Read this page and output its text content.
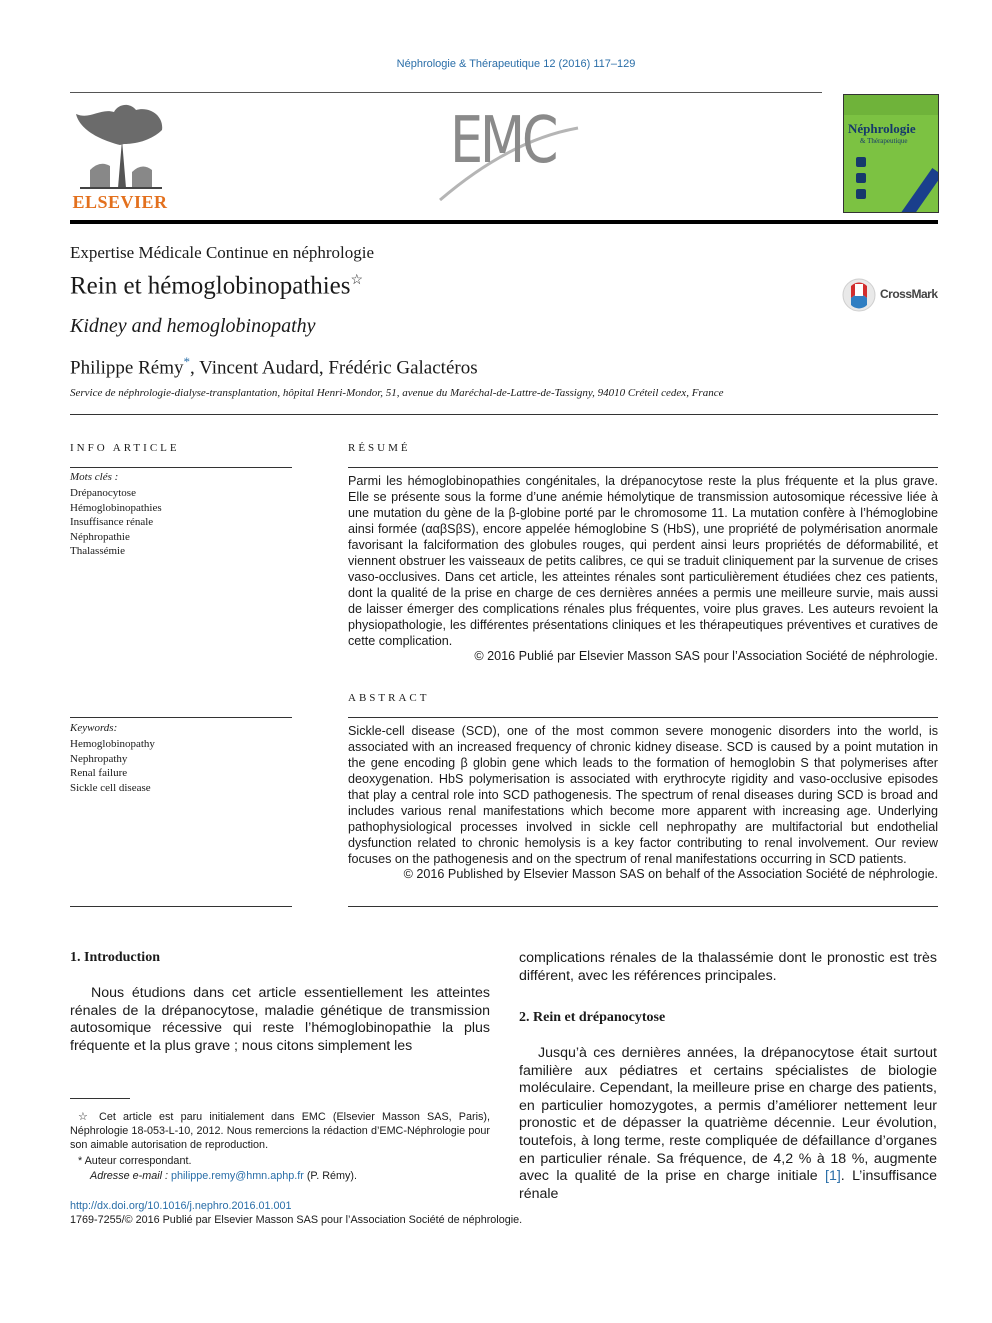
Néphrologie & Thérapeutique 12 (2016) 117–129
ELSEVIER
EMC	Néphrologie
& Thérapeutique
Expertise Médicale Continue en néphrologie
Rein et hémoglobinopathies☆
CrossMark
Kidney and hemoglobinopathy
Philippe Rémy*, Vincent Audard, Frédéric Galactéros
Service de néphrologie-dialyse-transplantation, hôpital Henri-Mondor, 51, avenue du Maréchal-de-Lattre-de-Tassigny, 94010 Créteil cedex, France
INFO ARTICLE
Mots clés :
Drépanocytose
Hémoglobinopathies
Insuffisance rénale
Néphropathie
Thalassémie
Keywords:
Hemoglobinopathy
Nephropathy
Renal failure
Sickle cell disease
RÉSUMÉ
Parmi les hémoglobinopathies congénitales, la drépanocytose reste la plus fréquente et la plus grave. Elle se présente sous la forme d’une anémie hémolytique de transmission autosomique récessive liée à une mutation du gène de la β-globine porté par le chromosome 11. La mutation confère à l’hémoglobine ainsi formée (ααβSβS), encore appelée hémoglobine S (HbS), une propriété de polymérisation anormale favorisant la falciformation des globules rouges, qui perdent ainsi leurs propriétés de déformabilité, et viennent obstruer les vaisseaux de petits calibres, ce qui se traduit cliniquement par la survenue de crises vaso-occlusives. Dans cet article, les atteintes rénales sont particulièrement étudiées chez ces patients, dont la qualité de la prise en charge de ces dernières années a permis une meilleure survie, mais aussi de laisser émerger des complications rénales plus fréquentes, voire plus graves. Les auteurs revoient la physiopathologie, les différentes présentations cliniques et les thérapeutiques préventives et curatives de cette complication.
© 2016 Publié par Elsevier Masson SAS pour l’Association Société de néphrologie.
ABSTRACT
Sickle-cell disease (SCD), one of the most common severe monogenic disorders into the world, is associated with an increased frequency of chronic kidney disease. SCD is caused by a point mutation in the gene encoding β globin gene which leads to the formation of hemoglobin S that polymerises after deoxygenation. HbS polymerisation is associated with erythrocyte rigidity and vaso-occlusive episodes that play a central role into SCD pathogenesis. The spectrum of renal diseases during SCD is broad and includes various renal manifestations which become more apparent with increasing age. Underlying pathophysiological processes involved in sickle cell nephropathy are multifactorial but endothelial dysfunction related to chronic hemolysis is a key factor contributing to renal involvement. Our review focuses on the pathogenesis and on the spectrum of renal manifestations occurring in SCD patients.
© 2016 Published by Elsevier Masson SAS on behalf of the Association Société de néphrologie.
1. Introduction
Nous étudions dans cet article essentiellement les atteintes rénales de la drépanocytose, maladie génétique de transmission autosomique récessive qui reste l’hémoglobinopathie la plus fréquente et la plus grave ; nous citons simplement les
☆ Cet article est paru initialement dans EMC (Elsevier Masson SAS, Paris), Néphrologie 18-053-L-10, 2012. Nous remercions la rédaction d’EMC-Néphrologie pour son aimable autorisation de reproduction.
* Auteur correspondant.
Adresse e-mail : philippe.remy@hmn.aphp.fr (P. Rémy).
http://dx.doi.org/10.1016/j.nephro.2016.01.001
1769-7255/© 2016 Publié par Elsevier Masson SAS pour l’Association Société de néphrologie.
complications rénales de la thalassémie dont le pronostic est très différent, avec les références principales.
2. Rein et drépanocytose
Jusqu’à ces dernières années, la drépanocytose était surtout familière aux pédiatres et certains spécialistes de biologie moléculaire. Cependant, la meilleure prise en charge des patients, en particulier homozygotes, a permis d’améliorer nettement leur pronostic et de dépasser la quatrième décennie. Leur évolution, toutefois, à long terme, reste compliquée de défaillance d’organes en particulier rénale. Sa fréquence, de 4,2 % à 18 %, augmente avec la qualité de la prise en charge initiale [1]. L’insuffisance rénale
